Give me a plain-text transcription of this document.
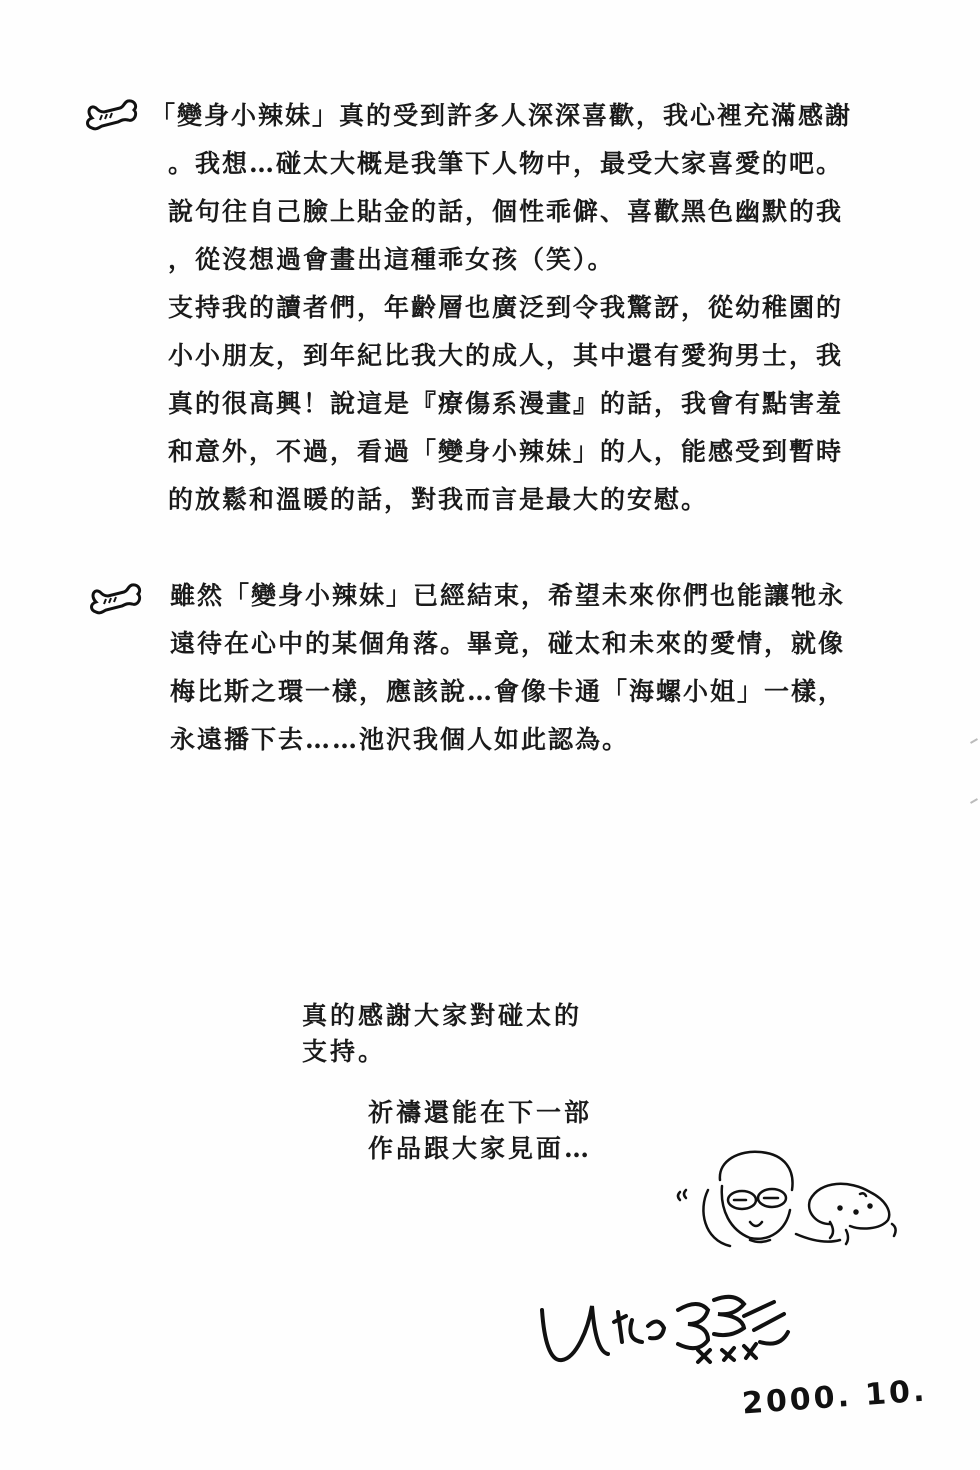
「變身小辣妹」真的受到許多人深深喜歡，我心裡充滿感謝
。我想…碰太大概是我筆下人物中，最受大家喜愛的吧。
說句往自己臉上貼金的話，個性乖僻、喜歡黑色幽默的我
，從沒想過會畫出這種乖女孩（笑）。
支持我的讀者們，年齡層也廣泛到令我驚訝，從幼稚園的
小小朋友，到年紀比我大的成人，其中還有愛狗男士，我
真的很高興！說這是『療傷系漫畫』的話，我會有點害羞
和意外，不過，看過「變身小辣妹」的人，能感受到暫時
的放鬆和溫暖的話，對我而言是最大的安慰。
雖然「變身小辣妹」已經結束，希望未來你們也能讓牠永
遠待在心中的某個角落。畢竟，碰太和未來的愛情，就像
梅比斯之環一樣，應該說…會像卡通「海螺小姐」一樣，
永遠播下去……池沢我個人如此認為。
真的感謝大家對碰太的
支持。
祈禱還能在下一部
作品跟大家見面…
2000. 10.
